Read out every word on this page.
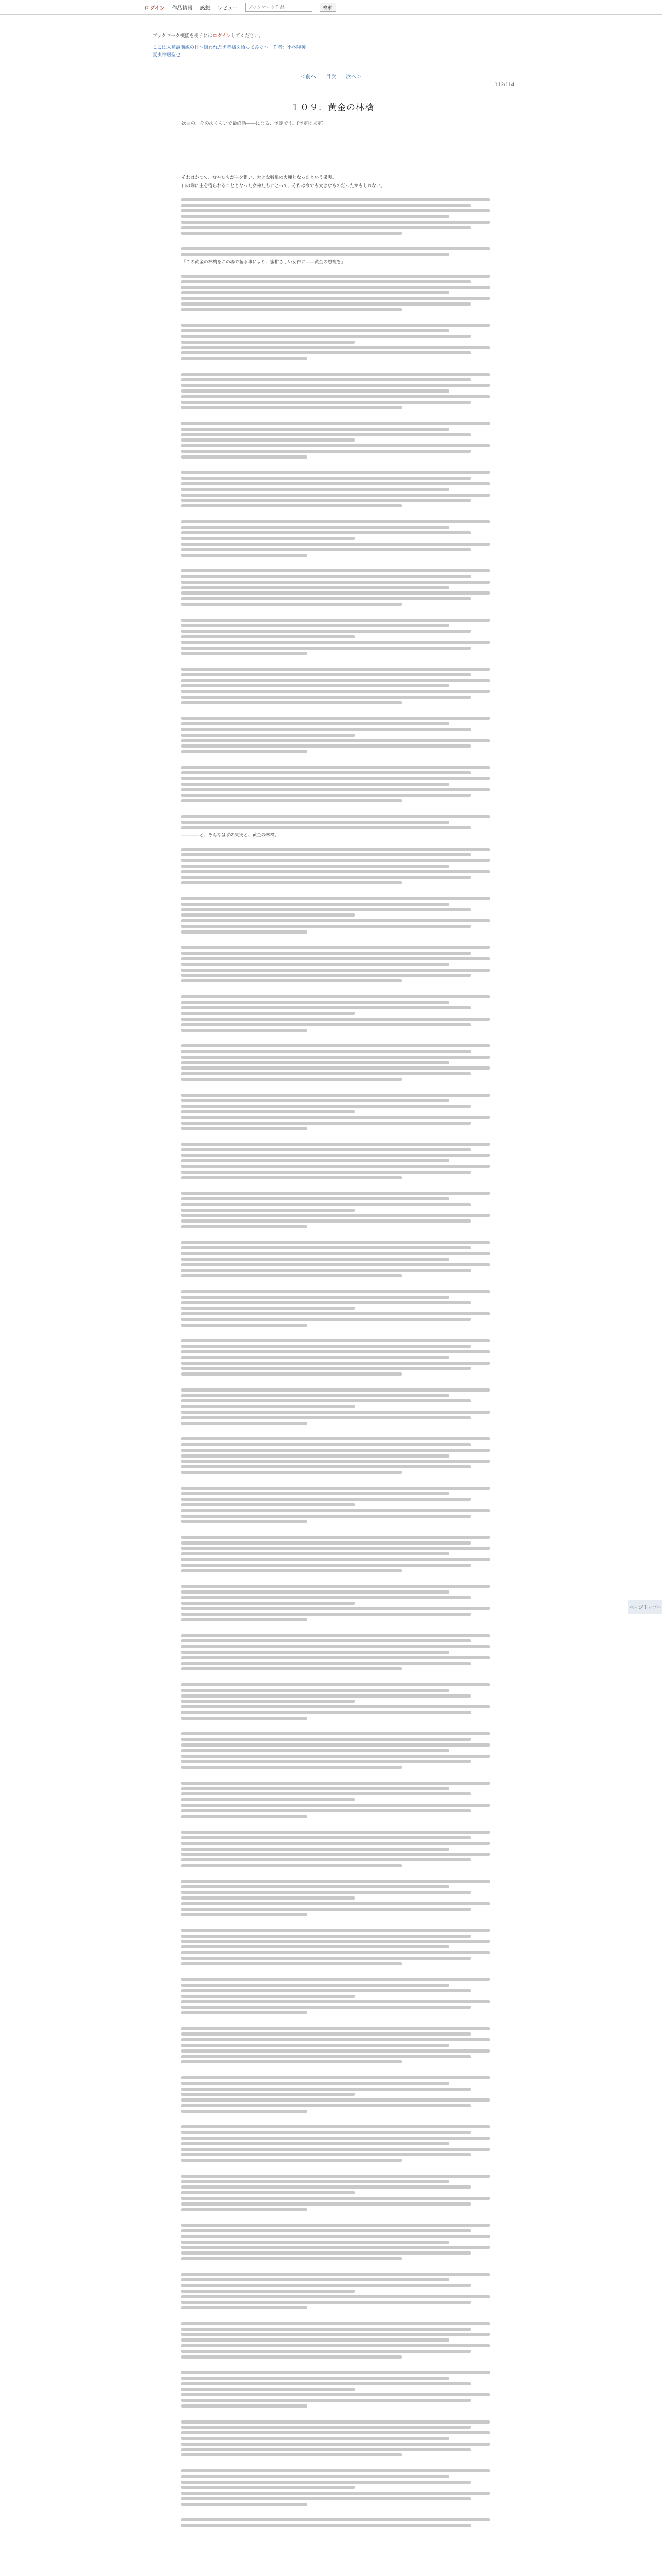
ログイン 作品情報 感想 レビュー
ブックマーク作品	検索
ブックマーク機能を使うにはログインしてください。
ここは人類最前線の村～嫌われた勇者様を拾ってみた～　作者：小林隆英
夏虫神居聖也
＜前へ 目次 次へ＞
112/114
１０９．黄金の林檎
次回の、その次くらいで最終話――になる、予定です。(予定は未定)

それはかつて、女神たちが主を狙い、大きな戦乱の火種となったという果実。

口の端に主を宿られることとなった女神たちにとって、それは今でも大きなものだったかもしれない。

「この黄金の林檎をこの場で齧る事により、蜜柑らしい女神に――黄金の恩寵を」

――――と、そんなはずの果実と、黄金の林檎。

ページトップへ
